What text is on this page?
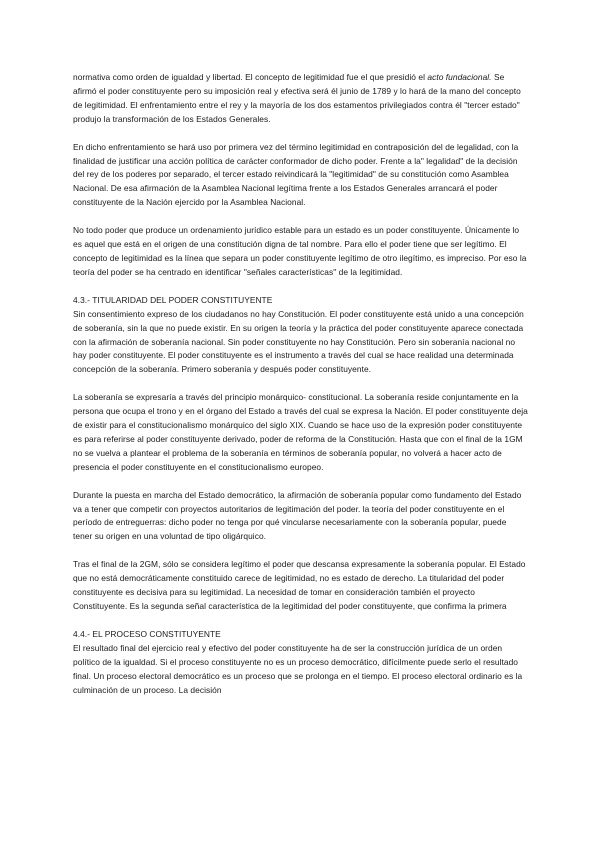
normativa como orden de igualdad y libertad. El concepto de legitimidad fue el que presidió el acto fundacional. Se afirmó el poder constituyente pero su imposición real y efectiva será él junio de 1789 y lo hará de la mano del concepto de legitimidad. El enfrentamiento entre el rey y la mayoría de los dos estamentos privilegiados contra él "tercer estado" produjo la transformación de los Estados Generales.

En dicho enfrentamiento se hará uso por primera vez del término legitimidad en contraposición del de legalidad, con la finalidad de justificar una acción política de carácter conformador de dicho poder. Frente a la" legalidad" de la decisión del rey de los poderes por separado, el tercer estado reivindicará la "legitimidad" de su constitución como Asamblea Nacional. De esa afirmación de la Asamblea Nacional legítima frente a los Estados Generales arrancará el poder constituyente de la Nación ejercido por la Asamblea Nacional.

No todo poder que produce un ordenamiento jurídico estable para un estado es un poder constituyente. Únicamente lo es aquel que está en el origen de una constitución digna de tal nombre. Para ello el poder tiene que ser legítimo. El concepto de legitimidad es la línea que separa un poder constituyente legítimo de otro ilegítimo, es impreciso. Por eso la teoría del poder se ha centrado en identificar "señales características" de la legitimidad.

4.3.- TITULARIDAD DEL PODER CONSTITUYENTE

Sin consentimiento expreso de los ciudadanos no hay Constitución. El poder constituyente está unido a una concepción de soberanía, sin la que no puede existir. En su origen la teoría y la práctica del poder constituyente aparece conectada con la afirmación de soberanía nacional. Sin poder constituyente no hay Constitución. Pero sin soberanía nacional no hay poder constituyente. El poder constituyente es el instrumento a través del cual se hace realidad una determinada concepción de la soberanía. Primero soberanía y después poder constituyente.

La soberanía se expresaría a través del principio monárquico- constitucional. La soberanía reside conjuntamente en la persona que ocupa el trono y en el órgano del Estado a través del cual se expresa la Nación. El poder constituyente deja de existir para el constitucionalismo monárquico del siglo XIX. Cuando se hace uso de la expresión poder constituyente es para referirse al poder constituyente derivado, poder de reforma de la Constitución. Hasta que con el final de la 1GM no se vuelva a plantear el problema de la soberanía en términos de soberanía popular, no volverá a hacer acto de presencia el poder constituyente en el constitucionalismo europeo.

Durante la puesta en marcha del Estado democrático, la afirmación de soberanía popular como fundamento del Estado va a tener que competir con proyectos autoritarios de legitimación del poder. la teoría del poder constituyente en el período de entreguerras: dicho poder no tenga por qué vincularse necesariamente con la soberanía popular, puede tener su origen en una voluntad de tipo oligárquico.

Tras el final de la 2GM, sólo se considera legítimo el poder que descansa expresamente la soberanía popular. El Estado que no está democráticamente constituido carece de legitimidad, no es estado de derecho. La titularidad del poder constituyente es decisiva para su legitimidad. La necesidad de tomar en consideración también el proyecto Constituyente. Es la segunda señal característica de la legitimidad del poder constituyente, que confirma la primera

4.4.- EL PROCESO CONSTITUYENTE

El resultado final del ejercicio real y efectivo del poder constituyente ha de ser la construcción jurídica de un orden político de la igualdad. Si el proceso constituyente no es un proceso democrático, difícilmente puede serlo el resultado final. Un proceso electoral democrático es un proceso que se prolonga en el tiempo. El proceso electoral ordinario es la culminación de un proceso. La decisión
